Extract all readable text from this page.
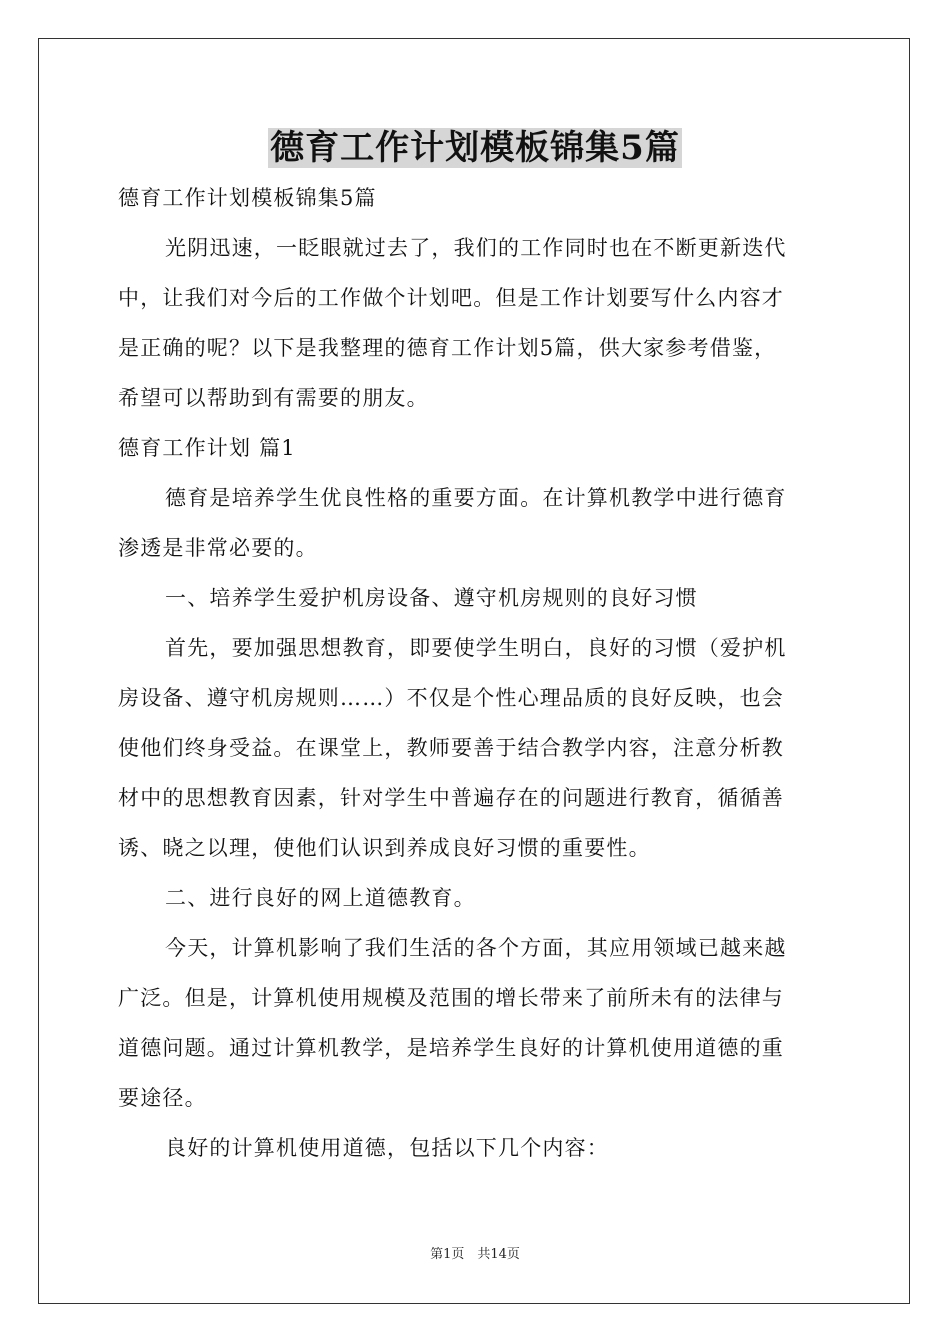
德育工作计划模板锦集5篇
德育工作计划模板锦集5篇
光阴迅速，一眨眼就过去了，我们的工作同时也在不断更新迭代
中，让我们对今后的工作做个计划吧。但是工作计划要写什么内容才
是正确的呢？以下是我整理的德育工作计划5篇，供大家参考借鉴，
希望可以帮助到有需要的朋友。
德育工作计划 篇1
德育是培养学生优良性格的重要方面。在计算机教学中进行德育
渗透是非常必要的。
一、培养学生爱护机房设备、遵守机房规则的良好习惯
首先，要加强思想教育，即要使学生明白，良好的习惯（爱护机
房设备、遵守机房规则……）不仅是个性心理品质的良好反映，也会
使他们终身受益。在课堂上，教师要善于结合教学内容，注意分析教
材中的思想教育因素，针对学生中普遍存在的问题进行教育，循循善
诱、晓之以理，使他们认识到养成良好习惯的重要性。
二、进行良好的网上道德教育。
今天，计算机影响了我们生活的各个方面，其应用领域已越来越
广泛。但是，计算机使用规模及范围的增长带来了前所未有的法律与
道德问题。通过计算机教学，是培养学生良好的计算机使用道德的重
要途径。
良好的计算机使用道德，包括以下几个内容：
第1页　共14页
